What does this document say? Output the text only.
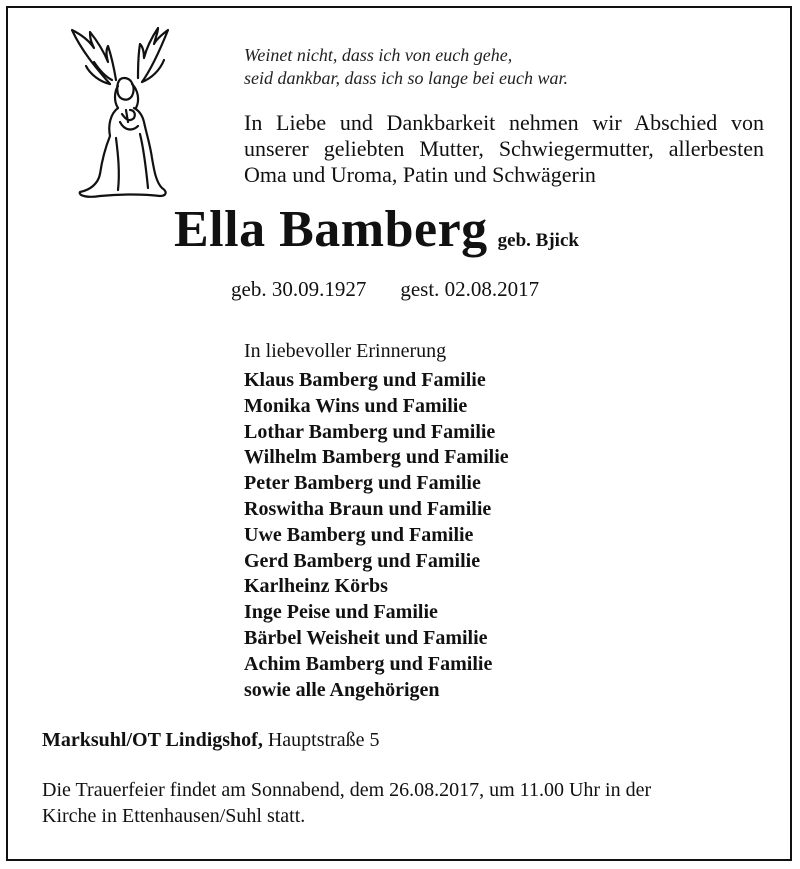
Weinet nicht, dass ich von euch gehe,
seid dankbar, dass ich so lange bei euch war.
In Liebe und Dankbarkeit nehmen wir Abschied von
unserer geliebten Mutter, Schwiegermutter, allerbesten
Oma und Uroma, Patin und Schwägerin
Ella Bamberg geb. Bjick
geb. 30.09.1927 gest. 02.08.2017
In liebevoller Erinnerung
Klaus Bamberg und Familie
Monika Wins und Familie
Lothar Bamberg und Familie
Wilhelm Bamberg und Familie
Peter Bamberg und Familie
Roswitha Braun und Familie
Uwe Bamberg und Familie
Gerd Bamberg und Familie
Karlheinz Körbs
Inge Peise und Familie
Bärbel Weisheit und Familie
Achim Bamberg und Familie
sowie alle Angehörigen
Marksuhl/OT Lindigshof, Hauptstraße 5
Die Trauerfeier findet am Sonnabend, dem 26.08.2017, um 11.00 Uhr in der
Kirche in Ettenhausen/Suhl statt.
